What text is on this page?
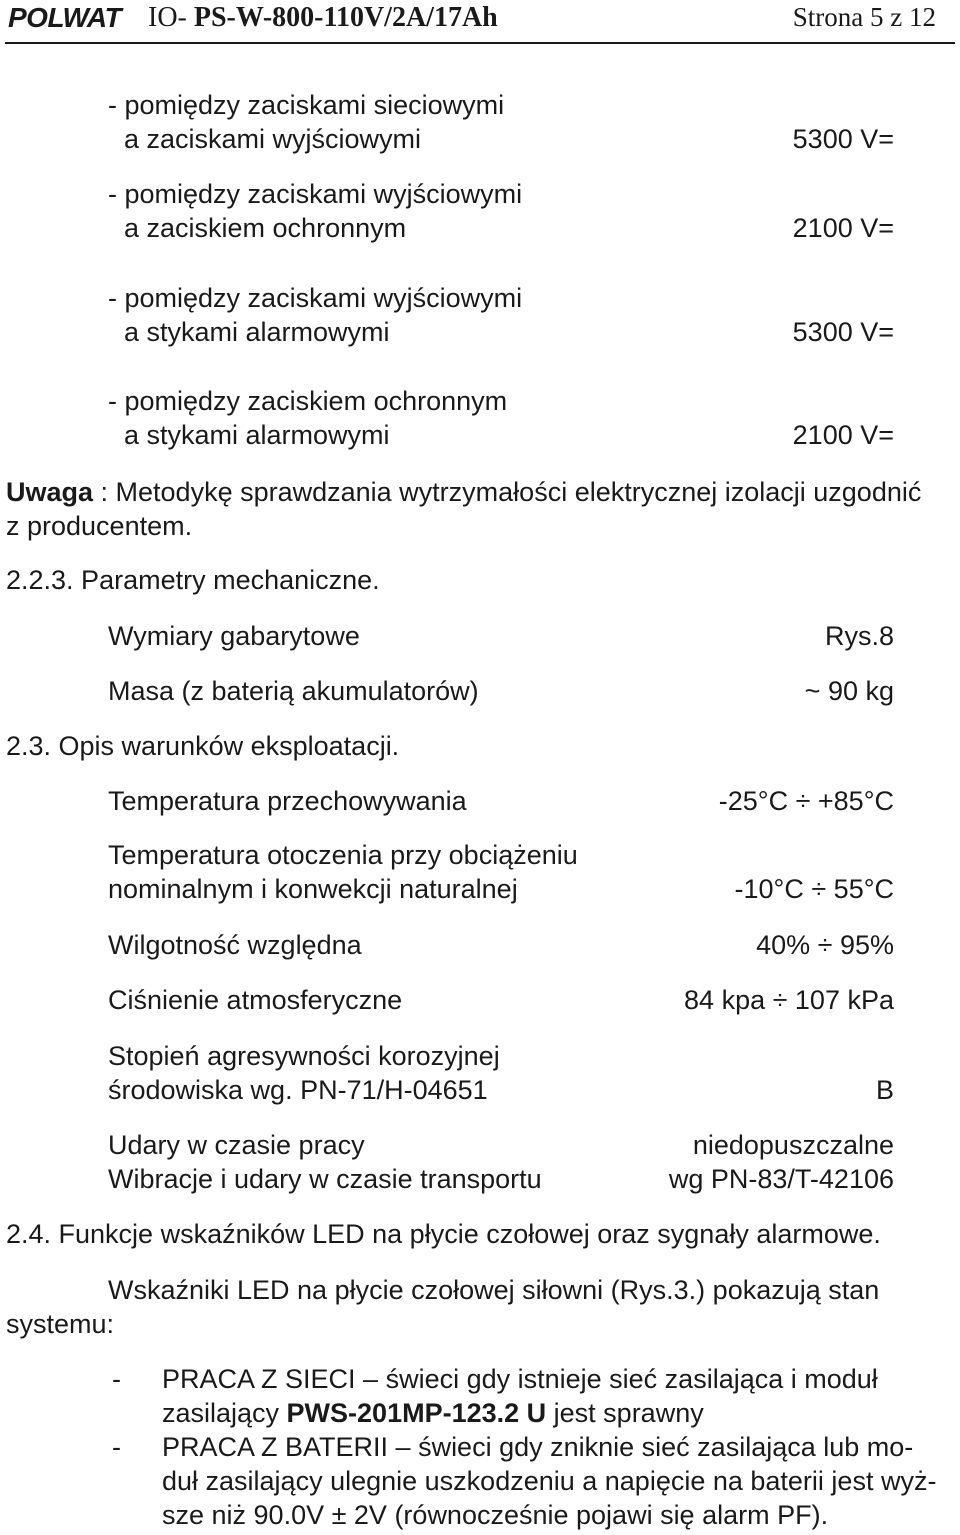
POLWAT IO- PS-W-800-110V/2A/17Ah	Strona 5 z 12
- pomiędzy zaciskami sieciowymi
a zaciskami wyjściowymi	5300 V=
- pomiędzy zaciskami wyjściowymi
a zaciskiem ochronnym	2100 V=
- pomiędzy zaciskami wyjściowymi
a stykami alarmowymi	5300 V=
- pomiędzy zaciskiem ochronnym
a stykami alarmowymi	2100 V=
Uwaga : Metodykę sprawdzania wytrzymałości elektrycznej izolacji uzgodnić
z producentem.
2.2.3. Parametry mechaniczne.
Wymiary gabarytowe	Rys.8
Masa (z baterią akumulatorów)	~ 90 kg
2.3. Opis warunków eksploatacji.
Temperatura przechowywania	-25°C ÷ +85°C
Temperatura otoczenia przy obciążeniu
nominalnym i konwekcji naturalnej	-10°C ÷ 55°C
Wilgotność względna	40% ÷ 95%
Ciśnienie atmosferyczne	84 kpa ÷ 107 kPa
Stopień agresywności korozyjnej
środowiska wg. PN-71/H-04651	B
Udary w czasie pracy	niedopuszczalne
Wibracje i udary w czasie transportu	wg PN-83/T-42106
2.4. Funkcje wskaźników LED na płycie czołowej oraz sygnały alarmowe.
Wskaźniki LED na płycie czołowej siłowni (Rys.3.) pokazują stan
systemu:
- PRACA Z SIECI – świeci gdy istnieje sieć zasilająca i moduł
zasilający PWS-201MP-123.2 U jest sprawny
- PRACA Z BATERII – świeci gdy zniknie sieć zasilająca lub mo-
duł zasilający ulegnie uszkodzeniu a napięcie na baterii jest wyż-
sze niż 90.0V ± 2V (równocześnie pojawi się alarm PF).
